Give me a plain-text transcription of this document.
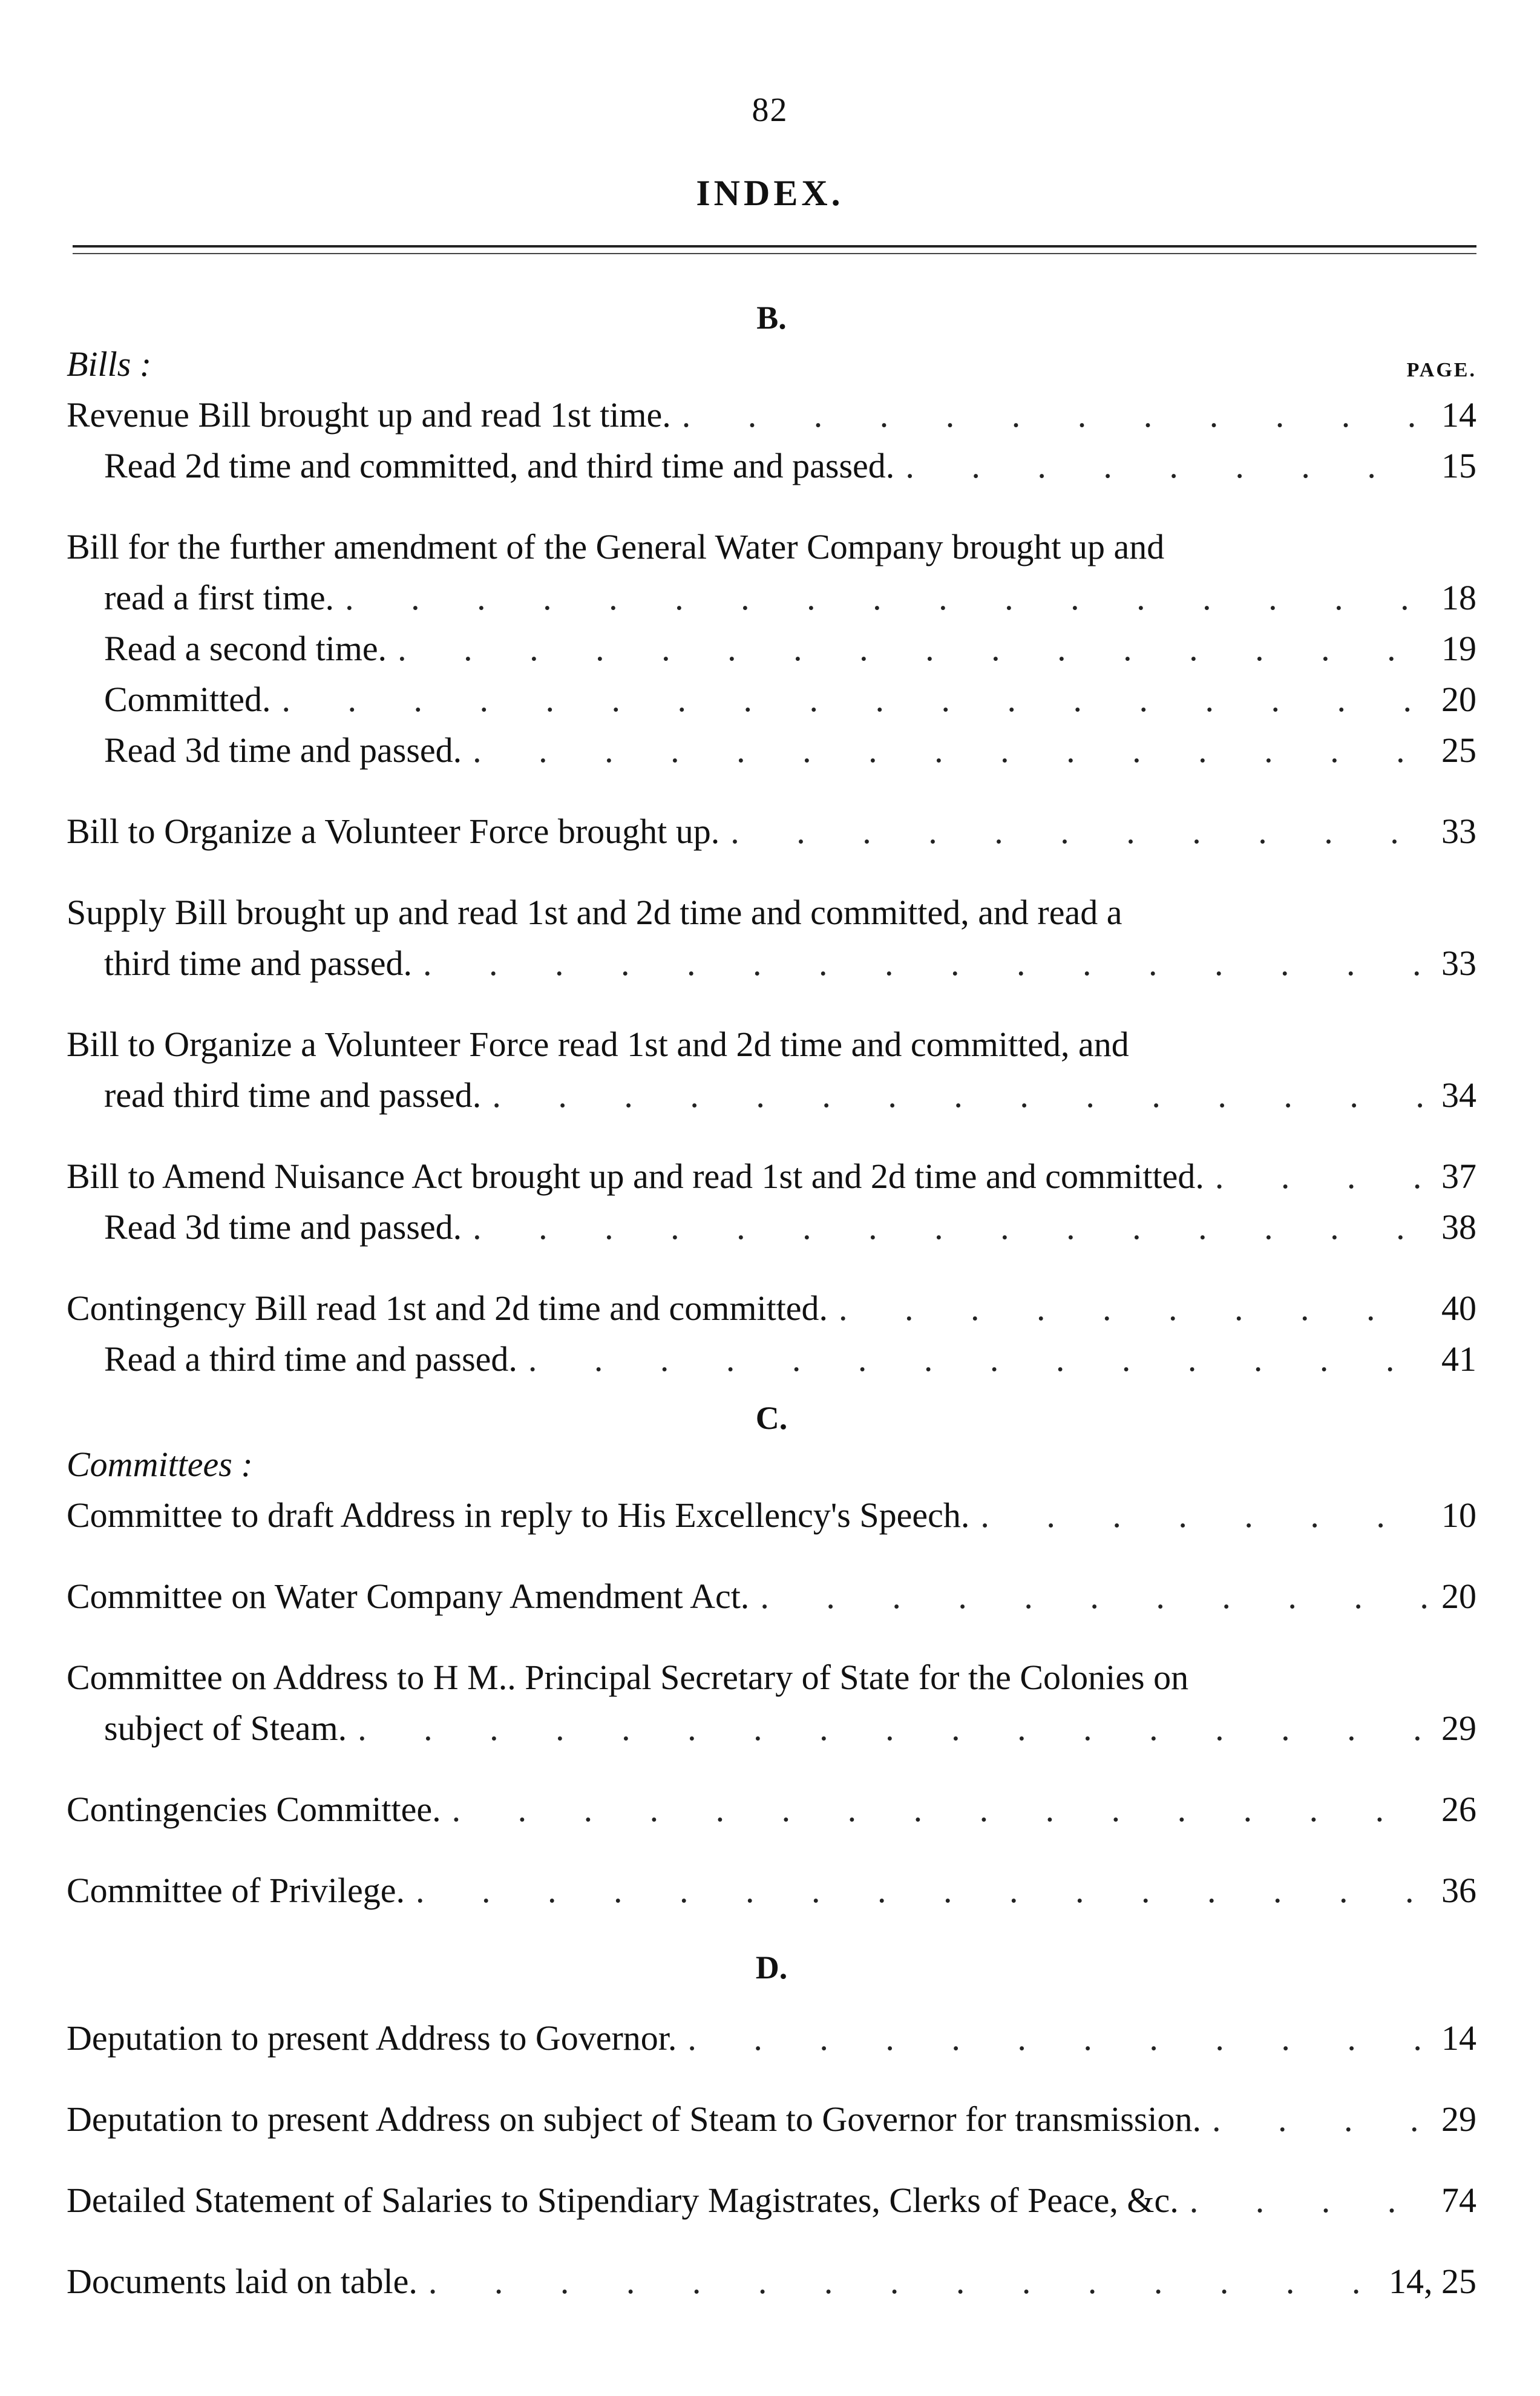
82
INDEX.
B.
Bills :	PAGE.
Revenue Bill brought up and read 1st time. . . .	14
Read 2d time and committed, and third time and passed. . . .	15
Bill for the further amendment of the General Water Company brought up and
read a first time. . . .	18
Read a second time. . . .	19
Committed. . . .	20
Read 3d time and passed. . . .	25
Bill to Organize a Volunteer Force brought up. . . .	33
Supply Bill brought up and read 1st and 2d time and committed, and read a
third time and passed. . . .	33
Bill to Organize a Volunteer Force read 1st and 2d time and committed, and
read third time and passed. . . .	34
Bill to Amend Nuisance Act brought up and read 1st and 2d time and committed. . . .	37
Read 3d time and passed. . . .	38
Contingency Bill read 1st and 2d time and committed. . . .	40
Read a third time and passed. . . .	41
C.
Committees :
Committee to draft Address in reply to His Excellency's Speech. . . .	10
Committee on Water Company Amendment Act. . . .	20
Committee on Address to H M.. Principal Secretary of State for the Colonies on
subject of Steam. . . .	29
Contingencies Committee. . . .	26
Committee of Privilege. . . .	36
D.
Deputation to present Address to Governor. . . .	14
Deputation to present Address on subject of Steam to Governor for transmission. . . .	29
Detailed Statement of Salaries to Stipendiary Magistrates, Clerks of Peace, &c. . . .	74
Documents laid on table. . . .	14, 25
